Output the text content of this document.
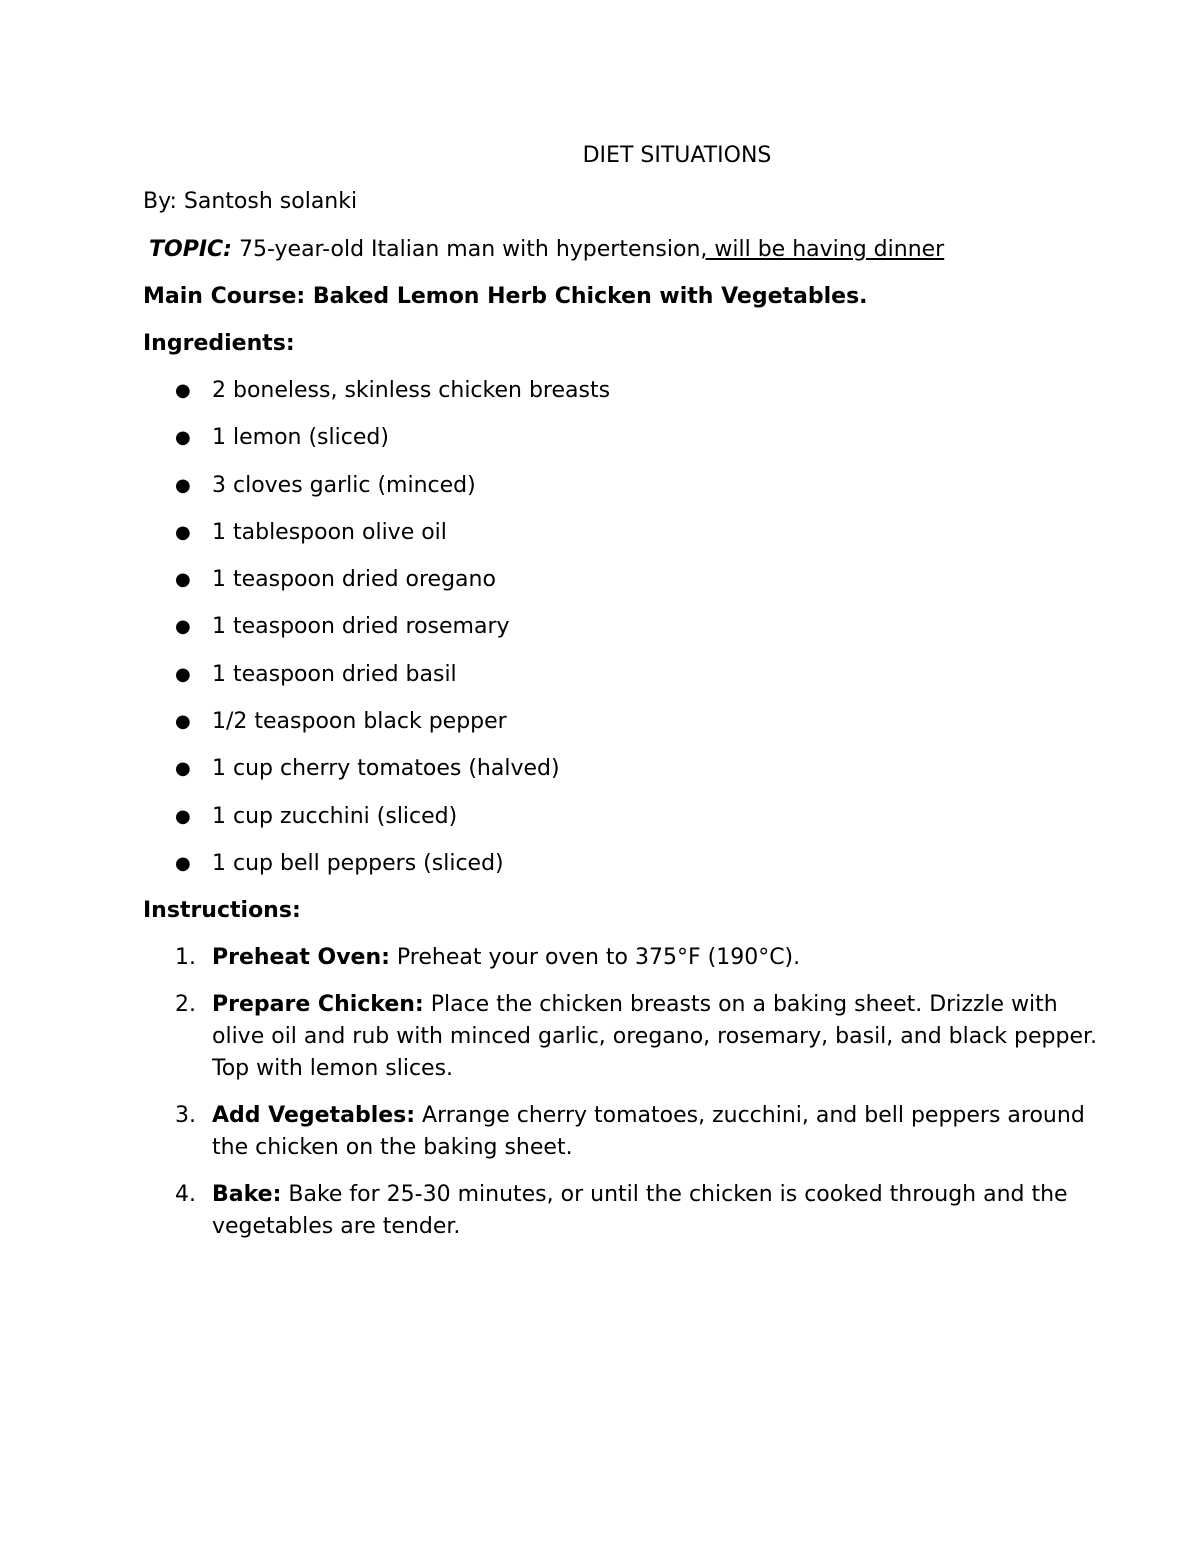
DIET SITUATIONS
By: Santosh solanki
TOPIC: 75-year-old Italian man with hypertension, will be having dinner
Main Course: Baked Lemon Herb Chicken with Vegetables.
Ingredients:
● 2 boneless, skinless chicken breasts
● 1 lemon (sliced)
● 3 cloves garlic (minced)
● 1 tablespoon olive oil
● 1 teaspoon dried oregano
● 1 teaspoon dried rosemary
● 1 teaspoon dried basil
● 1/2 teaspoon black pepper
● 1 cup cherry tomatoes (halved)
● 1 cup zucchini (sliced)
● 1 cup bell peppers (sliced)
Instructions:
1. Preheat Oven: Preheat your oven to 375°F (190°C).
2. Prepare Chicken: Place the chicken breasts on a baking sheet. Drizzle with olive oil and rub with minced garlic, oregano, rosemary, basil, and black pepper. Top with lemon slices.
3. Add Vegetables: Arrange cherry tomatoes, zucchini, and bell peppers around the chicken on the baking sheet.
4. Bake: Bake for 25-30 minutes, or until the chicken is cooked through and the vegetables are tender.
